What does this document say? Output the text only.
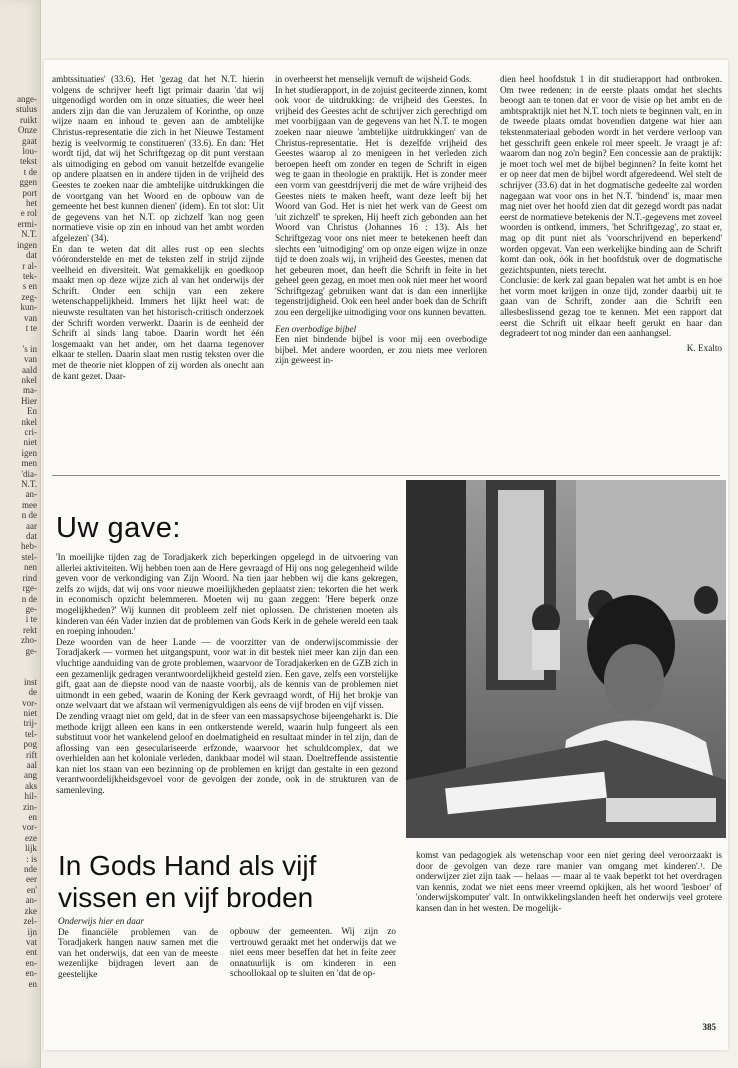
ange-
stulus
ruikt
Onze
gaat
lou-
tekst
t de
ggen
port
het
e rol
ermi-
N.T.
ingen
dat
r al-
tek-
s en
zeg-
kun-
van
t te

's in
van
aald
nkel
ma-
Hier
En
nkel
cri-
niet
igen
men
'dia-
N.T.
an-
mee
n de
aar
dat
heb-
stel-
nen
rind
rge-
n de
ge-
i te
rekt
zho-
ge-

inst
de
vor-
niet
trij-
tel-
pog
rift
aal
ang
aks
hil-
zin-
en
vor-
eze
lijk
: is
nde
eer
en'
an-
zke
zel-
ijn
vat
ent
en-
en-
en

ambtssituaties' (33.6). Het 'gezag dat het N.T. hierin volgens de schrijver heeft ligt primair daarin 'dat wij uitgenodigd worden om in onze situaties, die weer heel anders zijn dan die van Jeruzalem of Korinthe, op onze wijze naam en inhoud te geven aan de ambtelijke Christus-representatie die zich in het Nieuwe Testament bezig is veelvormig te constitueren' (33.6). En dan: 'Het wordt tijd, dat wij het Schriftgezag op dit punt verstaan als uitnodiging en gebod om vanuit hetzelfde evangelie op andere plaatsen en in andere tijden in de vrijheid des Geestes te zoeken naar die ambtelijke uitdrukkingen die de voortgang van het Woord en de opbouw van de gemeente het best kunnen dienen' (idem). En tot slot: Uit de gegevens van het N.T. op zichzelf 'kan nog geen normatieve visie op zin en inhoud van het ambt worden afgelezen' (34).

En dan te weten dat dit alles rust op een slechts vóóronderstelde en met de teksten zelf in strijd zijnde veelheid en diversiteit. Wat gemakkelijk en goedkoop maakt men op deze wijze zich al van het onderwijs der Schrift. Onder een schijn van een zekere wetenschappelijkheid. Immers het lijkt heel wat: de nieuwste resultaten van het historisch-critisch onderzoek der Schrift worden verwerkt. Daarin is de eenheid der Schrift al sinds lang taboe. Daarin wordt het één losgemaakt van het ander, om het daarna tegenover elkaar te stellen. Daarin slaat men rustig teksten over die met de theorie niet kloppen of zij worden als onecht aan de kant gezet. Daar-

in overheerst het menselijk vernuft de wijsheid Gods.

In het studierapport, in de zojuist geciteerde zinnen, komt ook voor de uitdrukking: de vrijheid des Geestes. In vrijheid des Geestes acht de schrijver zich gerechtigd om met voorbijgaan van de gegevens van het N.T. te mogen zoeken naar nieuwe 'ambtelijke uitdrukkingen' van de Christus-representatie. Het is dezelfde vrijheid des Geestes waarop al zo menigeen in het verleden zich beroepen heeft om zonder en tegen de Schrift in eigen weg te gaan in theologie en praktijk. Het is zonder meer een vorm van geestdrijverij die met de wáre vrijheid des Geestes niets te maken heeft, want deze leeft bij het Woord van God. Het is niet het werk van de Geest om 'uit zichzelf' te spreken, Hij heeft zich gebonden aan het Woord van Christus (Johannes 16 : 13). Als het Schriftgezag voor ons niet meer te betekenen heeft dan slechts een 'uitnodiging' om op onze eigen wijze in onze tijd te doen zoals wij, in vrijheid des Geestes, menen dat het gebeuren moet, dan heeft die Schrift in feite in het geheel geen gezag, en moet men ook niet meer het woord 'Schriftgezag' gebruiken want dat is dan een innerlijke tegenstrijdigheid. Ook een heel ander boek dan de Schrift zou een dergelijke uitnodiging voor ons kunnen bevatten.

Een overbodige bijbel

Een niet bindende bijbel is voor mij een overbodige bijbel. Met andere woorden, er zou niets mee verloren zijn geweest in-

dien heel hoofdstuk 1 in dit studierapport had ontbroken. Om twee redenen: in de eerste plaats omdat het slechts beoogt aan te tonen dat er voor de visie op het ambt en de ambtspraktijk niet het N.T. toch niets te beginnen valt, en in de tweede plaats omdat bovendien datgene wat hier aan tekstenmateriaal geboden wordt in het verdere verloop van het gesschrift geen enkele rol meer speelt. Je vraagt je af: waarom dan nog zo'n begin? Een concessie aan de praktijk: je moet toch wel met de bijbel beginnen? In feite komt het er op neer dat men de bijbel wordt afgeredeend. Wel stelt de schrijver (33.6) dat in het dogmatische gedeelte zal worden nagegaan wat voor ons in het N.T. 'bindend' is, maar men mag niet over het hoofd zien dat dit gezegd wordt pas nadat eerst de normatieve betekenis der N.T.-gegevens met zoveel woorden is ontkend, immers, 'het Schriftgezag', zo staat er, mag op dit punt niet als 'voorschrijvend en beperkend' worden opgevat. Van een werkelijke binding aan de Schrift komt dan ook, óók in het hoofdstuk over de dogmatische gezichtspunten, niets terecht.

Conclusie: de kerk zal gaan bepalen wat het ambt is en hoe het vorm moet krijgen in onze tijd, zonder daarbij uit te gaan van de Schrift, zonder aan die Schrift een allesbeslissend gezag toe te kennen. Met een rapport dat eerst die Schrift uit elkaar heeft gerukt en haar dan degradeert tot nog minder dan een aanhangsel.

K. Exalto

Uw gave:

'In moeilijke tijden zag de Toradjakerk zich beperkingen opgelegd in de uitvoering van allerlei aktiviteiten. Wij hebben toen aan de Here gevraagd of Hij ons nog gelegenheid wilde geven voor de verkondiging van Zijn Woord. Na tien jaar hebben wij die kans gekregen, zelfs zo wijds, dat wij ons voor nieuwe moeilijkheden geplaatst zien: tekorten die het werk in economisch opzicht belemmeren. Moeten wij nu gaan zeggen: 'Here beperk onze mogelijkheden?' Wij kunnen dit probleem zelf niet oplossen. De christenen moeten als kinderen van één Vader inzien dat de problemen van Gods Kerk in de gehele wereld een taak en roeping inhouden.'

Deze woorden van de heer Lande — de voorzitter van de onderwijscommissie der Toradjakerk — vormen het uitgangspunt, voor wat in dit bestek niet meer kan zijn dan een vluchtige aanduiding van de grote problemen, waarvoor de Toradjakerken en de GZB zich in een gezamenlijk gedragen verantwoordelijkheid gesteld zien. Een gave, zelfs een vorstelijke gift, gaat aan de diepste nood van de naaste voorbij, als de kennis van de problemen niet uitmondt in een gebed, waarin de Koning der Kerk gevraagd wordt, of Hij het brokje van onze welvaart dat we afstaan wil vermenigvuldigen als eens de vijf broden en vijf vissen.

De zending vraagt niet om geld, dat in de sfeer van een massapsychose bijeengeharkt is. Die methode krijgt alleen een kans in een ontkerstende wereld, waarin hulp fungeert als een substituut voor het wankelend geloof en doelmatigheid en resultaat minder in tel zijn, dan de aflossing van een geseculariseerde erfzonde, waarvoor het schuldcomplex, dat we overhielden aan het koloniale verleden, dankbaar model wil staan. Doeltreffende assistentie kan niet los staan van een bezinning op de problemen en krijgt dan gestalte in een gezond verantwoordelijkheidsgevoel voor de gevolgen der zonde, ook in de strukturen van de samenleving.

In Gods Hand als vijf vissen en vijf broden

Onderwijs hier en daar

De financiële problemen van de Toradjakerk hangen nauw samen met die van het onderwijs, dat een van de meeste wezenlijke bijdragen levert aan de geestelijke

opbouw der gemeenten. Wij zijn zo vertrouwd geraakt met het onderwijs dat we niet eens meer beseffen dat het in feite zeer onnatuurlijk is om kinderen in een schoollokaal op te sluiten en 'dat de op-

komst van pedagogiek als wetenschap voor een niet gering deel veroorzaakt is door de gevolgen van deze rare manier van omgang met kinderen'.¹. De onderwijzer ziet zijn taak — helaas — maar al te vaak beperkt tot het overdragen van kennis, zodat we niet eens meer vreemd opkijken, als het woord 'lesboer' of 'onderwijskomputer' valt. In ontwikkelingslanden heeft het onderwijs veel grotere kansen dan in het westen. De mogelijk-

385
